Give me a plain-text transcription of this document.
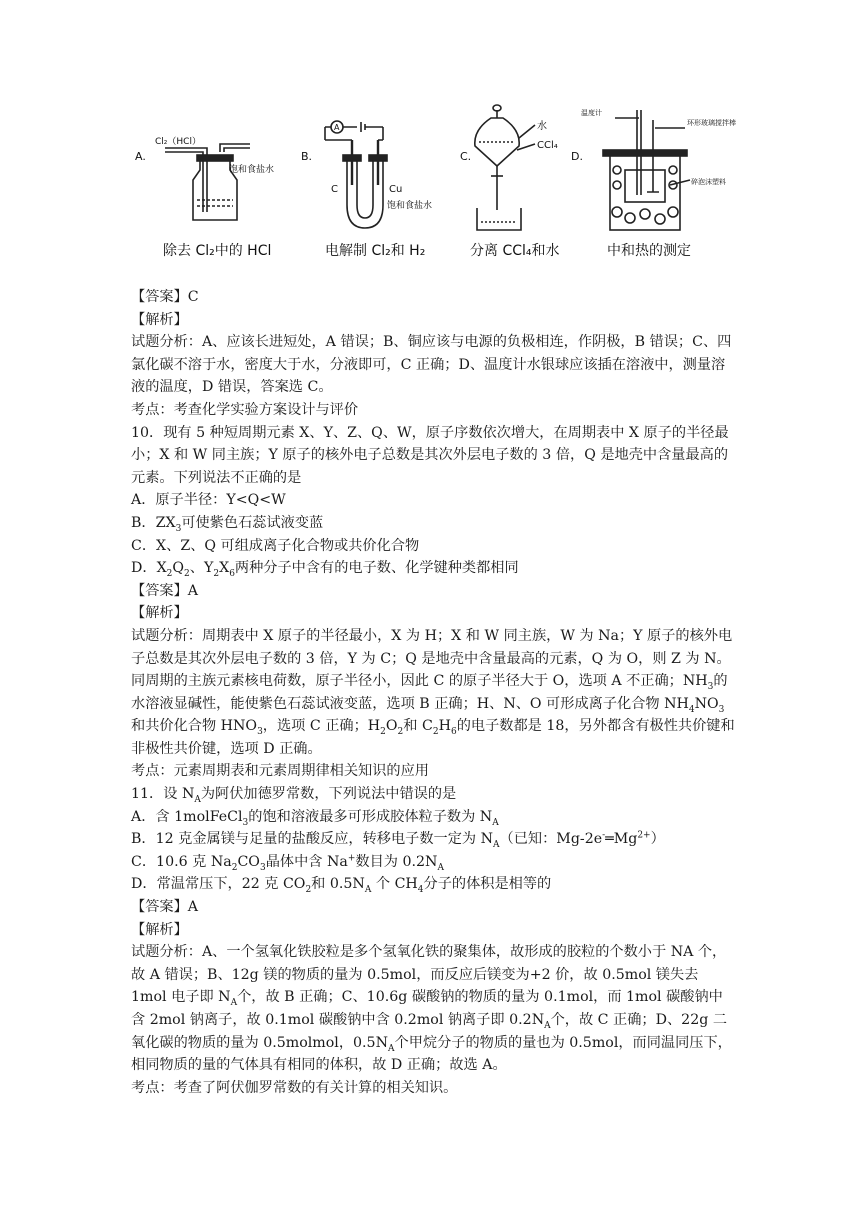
A.	B.	C.	D.
Cl₂（HCl）
饱和食盐水
A
C	Cu
饱和食盐水
水
CCl₄
温度计
环形玻璃搅拌棒
碎泡沫塑料
除去 Cl₂中的 HCl	电解制 Cl₂和 H₂	分离 CCl₄和水	中和热的测定

【答案】C

【解析】

试题分析：A、应该长进短处，A 错误；B、铜应该与电源的负极相连，作阴极，B 错误；C、四氯化碳不溶于水，密度大于水，分液即可，C 正确；D、温度计水银球应该插在溶液中，测量溶液的温度，D 错误，答案选 C。

考点：考查化学实验方案设计与评价

10．现有 5 种短周期元素 X、Y、Z、Q、W，原子序数依次增大，在周期表中 X 原子的半径最小；X 和 W 同主族；Y 原子的核外电子总数是其次外层电子数的 3 倍，Q 是地壳中含量最高的元素。下列说法不正确的是

A．原子半径：Y<Q<W

B．$ZX_3$可使紫色石蕊试液变蓝

C．X、Z、Q 可组成离子化合物或共价化合物

D．$X_2Q_2$、$Y_2X_6$两种分子中含有的电子数、化学键种类都相同

【答案】A

【解析】

试题分析：周期表中 X 原子的半径最小，X 为 H；X 和 W 同主族，W 为 Na；Y 原子的核外电子总数是其次外层电子数的 3 倍，Y 为 C；Q 是地壳中含量最高的元素，Q 为 O，则 Z 为 N。同周期的主族元素核电荷数，原子半径小，因此 C 的原子半径大于 O，选项 A 不正确；$NH_3$的水溶液显碱性，能使紫色石蕊试液变蓝，选项 B 正确；H、N、O 可形成离子化合物 $NH_4NO_3$和共价化合物 $HNO_3$，选项 C 正确；$H_2O_2$和 $C_2H_6$的电子数都是 18，另外都含有极性共价键和非极性共价键，选项 D 正确。

考点：元素周期表和元素周期律相关知识的应用

11．设 $N_A$为阿伏加德罗常数，下列说法中错误的是

A．含 1molFeCl$_3$的饱和溶液最多可形成胶体粒子数为 $N_A$

B．12 克金属镁与足量的盐酸反应，转移电子数一定为 $N_A$（已知：$Mg-2e^-═Mg^{2+}$）

C．10.6 克 $Na_2CO_3$晶体中含 Na+数目为 $0.2N_A$

D．常温常压下，22 克 $CO_2$和 $0.5N_A$ 个 $CH_4$分子的体积是相等的

【答案】A

【解析】

试题分析：A、一个氢氧化铁胶粒是多个氢氧化铁的聚集体，故形成的胶粒的个数小于 NA 个，故 A 错误；B、12g 镁的物质的量为 0.5mol，而反应后镁变为+2 价，故 0.5mol 镁失去 1mol 电子即 $N_A$个，故 B 正确；C、10.6g 碳酸钠的物质的量为 0.1mol，而 1mol 碳酸钠中含 2mol 钠离子，故 0.1mol 碳酸钠中含 0.2mol 钠离子即 $0.2N_A$个，故 C 正确；D、22g 二氧化碳的物质的量为 0.5molmol，$0.5N_A$个甲烷分子的物质的量也为 0.5mol，而同温同压下，相同物质的量的气体具有相同的体积，故 D 正确；故选 A。

考点：考查了阿伏伽罗常数的有关计算的相关知识。
